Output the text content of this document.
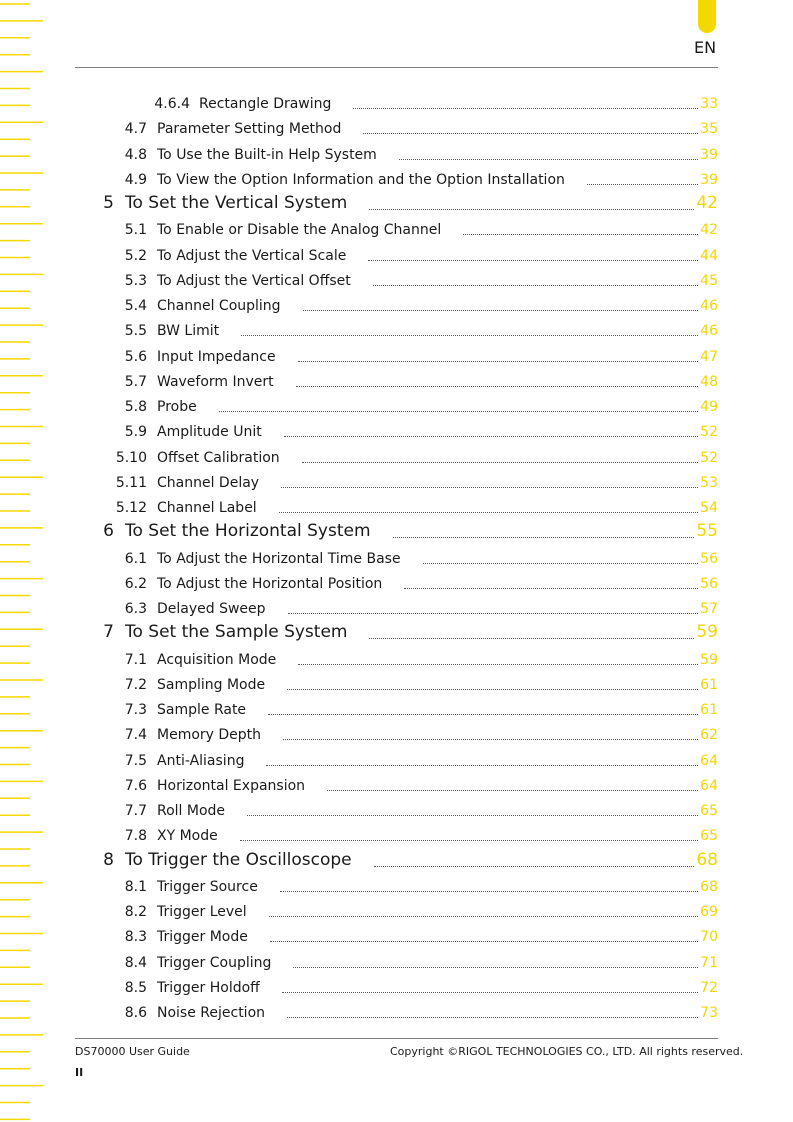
EN
4.6.4 Rectangle Drawing	33
4.7 Parameter Setting Method	35
4.8 To Use the Built-in Help System	39
4.9 To View the Option Information and the Option Installation	39
5 To Set the Vertical System	42
5.1 To Enable or Disable the Analog Channel	42
5.2 To Adjust the Vertical Scale	44
5.3 To Adjust the Vertical Offset	45
5.4 Channel Coupling	46
5.5 BW Limit	46
5.6 Input Impedance	47
5.7 Waveform Invert	48
5.8 Probe	49
5.9 Amplitude Unit	52
5.10 Offset Calibration	52
5.11 Channel Delay	53
5.12 Channel Label	54
6 To Set the Horizontal System	55
6.1 To Adjust the Horizontal Time Base	56
6.2 To Adjust the Horizontal Position	56
6.3 Delayed Sweep	57
7 To Set the Sample System	59
7.1 Acquisition Mode	59
7.2 Sampling Mode	61
7.3 Sample Rate	61
7.4 Memory Depth	62
7.5 Anti-Aliasing	64
7.6 Horizontal Expansion	64
7.7 Roll Mode	65
7.8 XY Mode	65
8 To Trigger the Oscilloscope	68
8.1 Trigger Source	68
8.2 Trigger Level	69
8.3 Trigger Mode	70
8.4 Trigger Coupling	71
8.5 Trigger Holdoff	72
8.6 Noise Rejection	73
DS70000 User Guide	Copyright ©RIGOL TECHNOLOGIES CO., LTD. All rights reserved.
II
